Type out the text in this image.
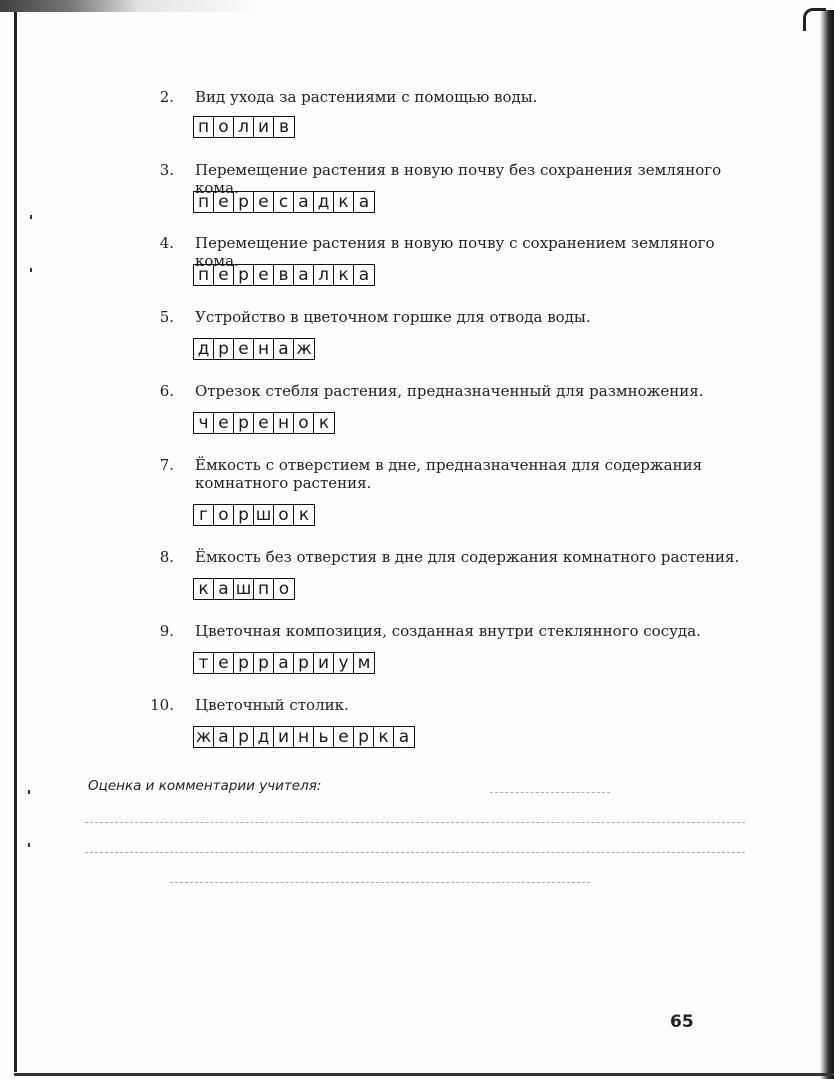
2. Вид ухода за растениями с помощью воды.
п о л и в
3. Перемещение растения в новую почву без сохранения земляного кома.
п е р е с а д к а
4. Перемещение растения в новую почву с сохранением земляного кома.
п е р е в а л к а
5. Устройство в цветочном горшке для отвода воды.
д р е н а ж
6. Отрезок стебля растения, предназначенный для размножения.
ч е р е н о к
7. Ёмкость с отверстием в дне, предназначенная для содержания комнатного растения.
г о р ш о к
8. Ёмкость без отверстия в дне для содержания комнатного растения.
к а ш п о
9. Цветочная композиция, созданная внутри стеклянного сосуда.
т е р р а р и у м
10. Цветочный столик.
ж а р д и н ь е р к а
Оценка и комментарии учителя:
65
